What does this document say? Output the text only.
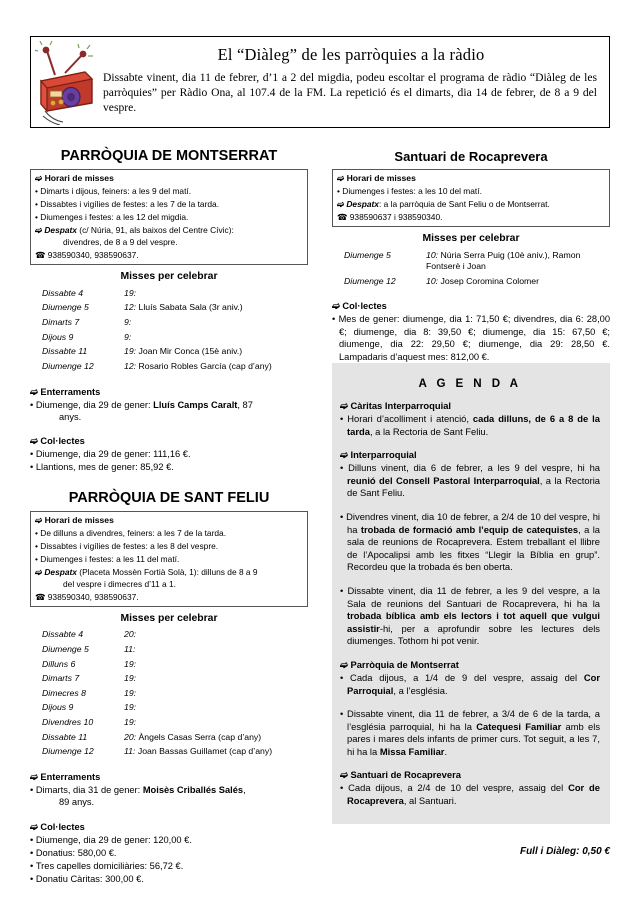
El “Diàleg” de les parròquies a la ràdio
Dissabte vinent, dia 11 de febrer, d’1 a 2 del migdia, podeu escoltar el programa de ràdio “Diàleg de les parròquies” per Ràdio Ona, al 107.4 de la FM. La repetició és el dimarts, dia 14 de febrer, de 8 a 9 del vespre.
PARRÒQUIA DE MONTSERRAT
➫ Horari de misses
• Dimarts i dijous, feiners: a les 9 del matí.
• Dissabtes i vigílies de festes: a les 7 de la tarda.
• Diumenges i festes: a les 12 del migdia.
➫ Despatx (c/ Núria, 91, als baixos del Centre Cívic):
divendres, de 8 a 9 del vespre.
☎ 938590340, 938590637.
Misses per celebrar
Dissabte 4	19:
Diumenge 5	12: Lluís Sabata Sala (3r aniv.)
Dimarts 7	9:
Dijous 9	9:
Dissabte 11	19: Joan Mir Conca (15è aniv.)
Diumenge 12	12: Rosario Robles García (cap d’any)
➫ Enterraments
• Diumenge, dia 29 de gener: Lluís Camps Caralt, 87
anys.
➫ Col·lectes
• Diumenge, dia 29 de gener: 111,16 €.
• Llantions, mes de gener: 85,92 €.
PARRÒQUIA DE SANT FELIU
➫ Horari de misses
• De dilluns a divendres, feiners: a les 7 de la tarda.
• Dissabtes i vigílies de festes: a les 8 del vespre.
• Diumenges i festes: a les 11 del matí.
➫ Despatx (Placeta Mossèn Fortià Solà, 1): dilluns de 8 a 9
del vespre i dimecres d’11 a 1.
☎ 938590340, 938590637.
Misses per celebrar
Dissabte 4	20:
Diumenge 5	11:
Dilluns 6	19:
Dimarts 7	19:
Dimecres 8	19:
Dijous 9	19:
Divendres 10	19:
Dissabte 11	20: Àngels Casas Serra (cap d’any)
Diumenge 12	11: Joan Bassas Guillamet (cap d’any)
➫ Enterraments
• Dimarts, dia 31 de gener: Moisès Criballés Salés,
89 anys.
➫ Col·lectes
• Diumenge, dia 29 de gener: 120,00 €.
• Donatius: 580,00 €.
• Tres capelles domiciliàries: 56,72 €.
• Donatiu Càritas: 300,00 €.
Santuari de Rocaprevera
➫ Horari de misses
• Diumenges i festes: a les 10 del matí.
➫ Despatx: a la parròquia de Sant Feliu o de Montserrat.
☎ 938590637 i 938590340.
Misses per celebrar
Diumenge 5	10: Núria Serra Puig (10è aniv.), Ramon
Fontserè i Joan
Diumenge 12	10: Josep Coromina Colomer
➫ Col·lectes
• Mes de gener: diumenge, dia 1: 71,50 €; divendres, dia 6: 28,00 €; diumenge, dia 8: 39,50 €; diumenge, dia 15: 67,50 €; diumenge, dia 22: 29,50 €; diumenge, dia 29: 28,50 €. Lampadaris d’aquest mes: 812,00 €.
A G E N D A
➫ Càritas Interparroquial
• Horari d’acolliment i atenció, cada dilluns, de 6 a 8 de la tarda, a la Rectoria de Sant Feliu.
➫ Interparroquial
• Dilluns vinent, dia 6 de febrer, a les 9 del vespre, hi ha reunió del Consell Pastoral Interparroquial, a la Rectoria de Sant Feliu.
• Divendres vinent, dia 10 de febrer, a 2/4 de 10 del vespre, hi ha trobada de formació amb l’equip de catequistes, a la sala de reunions de Rocaprevera. Estem treballant el llibre de l’Apocalipsi amb les fitxes “Llegir la Bíblia en grup”. Recordeu que la trobada és ben oberta.
• Dissabte vinent, dia 11 de febrer, a les 9 del vespre, a la Sala de reunions del Santuari de Rocaprevera, hi ha la trobada bíblica amb els lectors i tot aquell que vulgui assistir-hi, per a aprofundir sobre les lectures dels diumenges. Tothom hi pot venir.
➫ Parròquia de Montserrat
• Cada dijous, a 1/4 de 9 del vespre, assaig del Cor Parroquial, a l’església.
• Dissabte vinent, dia 11 de febrer, a 3/4 de 6 de la tarda, a l’església parroquial, hi ha la Catequesi Familiar amb els pares i mares dels infants de primer curs. Tot seguit, a les 7, hi ha la Missa Familiar.
➫ Santuari de Rocaprevera
• Cada dijous, a 2/4 de 10 del vespre, assaig del Cor de Rocaprevera, al Santuari.
Full i Diàleg: 0,50 €
